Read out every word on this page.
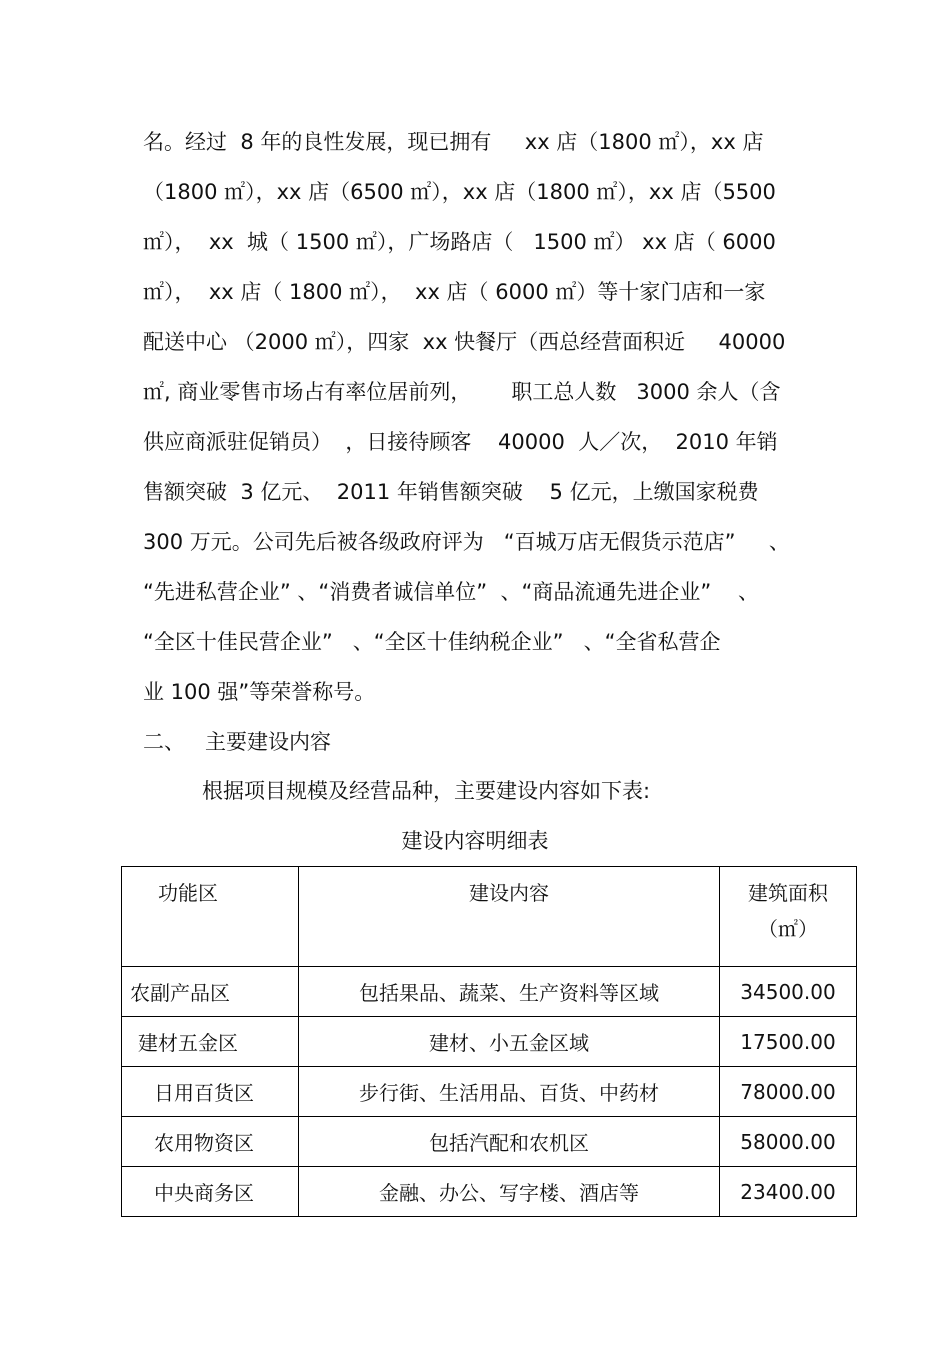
名。经过  8 年的良性发展，现已拥有     xx 店（1800 ㎡），xx 店
（1800 ㎡），xx 店（6500 ㎡），xx 店（1800 ㎡），xx 店（5500
㎡），  xx  城（ 1500 ㎡），广场路店（   1500 ㎡） xx 店（ 6000
㎡），  xx 店（ 1800 ㎡），  xx 店（ 6000 ㎡）等十家门店和一家
配送中心 （2000 ㎡），四家  xx 快餐厅（西总经营面积近     40000
㎡, 商业零售市场占有率位居前列，      职工总人数   3000 余人（含
供应商派驻促销员）  ，日接待顾客    40000  人／次，  2010 年销
售额突破  3 亿元、  2011 年销售额突破    5 亿元，上缴国家税费
300 万元。公司先后被各级政府评为   “百城万店无假货示范店”     、
“先进私营企业” 、“消费者诚信单位”  、“商品流通先进企业”    、
“全区十佳民营企业”   、“全区十佳纳税企业”   、“全省私营企
业 100 强”等荣誉称号。
二、   主要建设内容
根据项目规模及经营品种，主要建设内容如下表:
建设内容明细表
功能区	建设内容	建筑面积
（㎡）

农副产品区	包括果品、蔬菜、生产资料等区域	34500.00
建材五金区	建材、小五金区域	17500.00
日用百货区	步行街、生活用品、百货、中药材	78000.00
农用物资区	包括汽配和农机区	58000.00
中央商务区	金融、办公、写字楼、酒店等	23400.00
